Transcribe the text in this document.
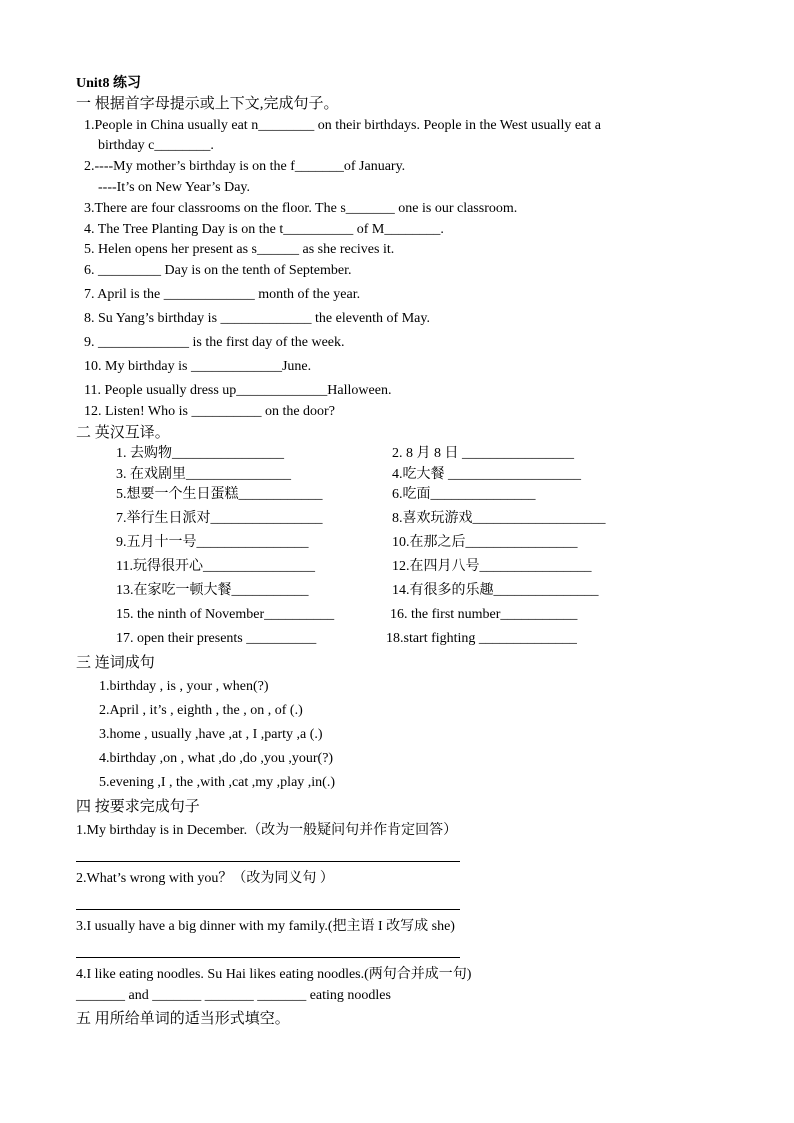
Unit8 练习
一 根据首字母提示或上下文,完成句子。
1.People in China usually eat n________ on their birthdays. People in the West usually eat a
birthday c________.
2.----My mother’s birthday is on the f_______of January.
----It’s on New Year’s Day.
3.There are four classrooms on the floor. The s_______ one is our classroom.
4. The Tree Planting Day is on the t__________ of M________.
5. Helen opens her present as s______ as she recives it.
6. _________ Day is on the tenth of September.
7. April is the _____________ month of the year.
8. Su Yang’s birthday is _____________ the eleventh of May.
9. _____________ is the first day of the week.
10. My birthday is _____________June.
11. People usually dress up_____________Halloween.
12. Listen! Who is __________ on the door?
二 英汉互译。
1. 去购物________________	2. 8 月 8 日 ________________
3. 在戏剧里_______________	4.吃大餐 ___________________
5.想要一个生日蛋糕____________	6.吃面_______________
7.举行生日派对________________	8.喜欢玩游戏___________________
9.五月十一号________________	10.在那之后________________
11.玩得很开心________________	12.在四月八号________________
13.在家吃一顿大餐___________	14.有很多的乐趣_______________
15. the ninth of November__________	16. the first number___________
17. open their presents __________	18.start fighting ______________
三 连词成句
1.birthday , is , your , when(?)
2.April , it’s , eighth , the , on , of (.)
3.home , usually ,have ,at , I ,party ,a (.)
4.birthday ,on , what ,do ,do ,you ,your(?)
5.evening ,I , the ,with ,cat ,my ,play ,in(.)
四 按要求完成句子
1.My birthday is in December.（改为一般疑问句并作肯定回答）
2.What’s wrong with you？（改为同义句 ）
3.I usually have a big dinner with my family.(把主语 I 改写成 she)
4.I like eating noodles. Su Hai likes eating noodles.(两句合并成一句)
_______ and _______ _______ _______ eating noodles
五 用所给单词的适当形式填空。
